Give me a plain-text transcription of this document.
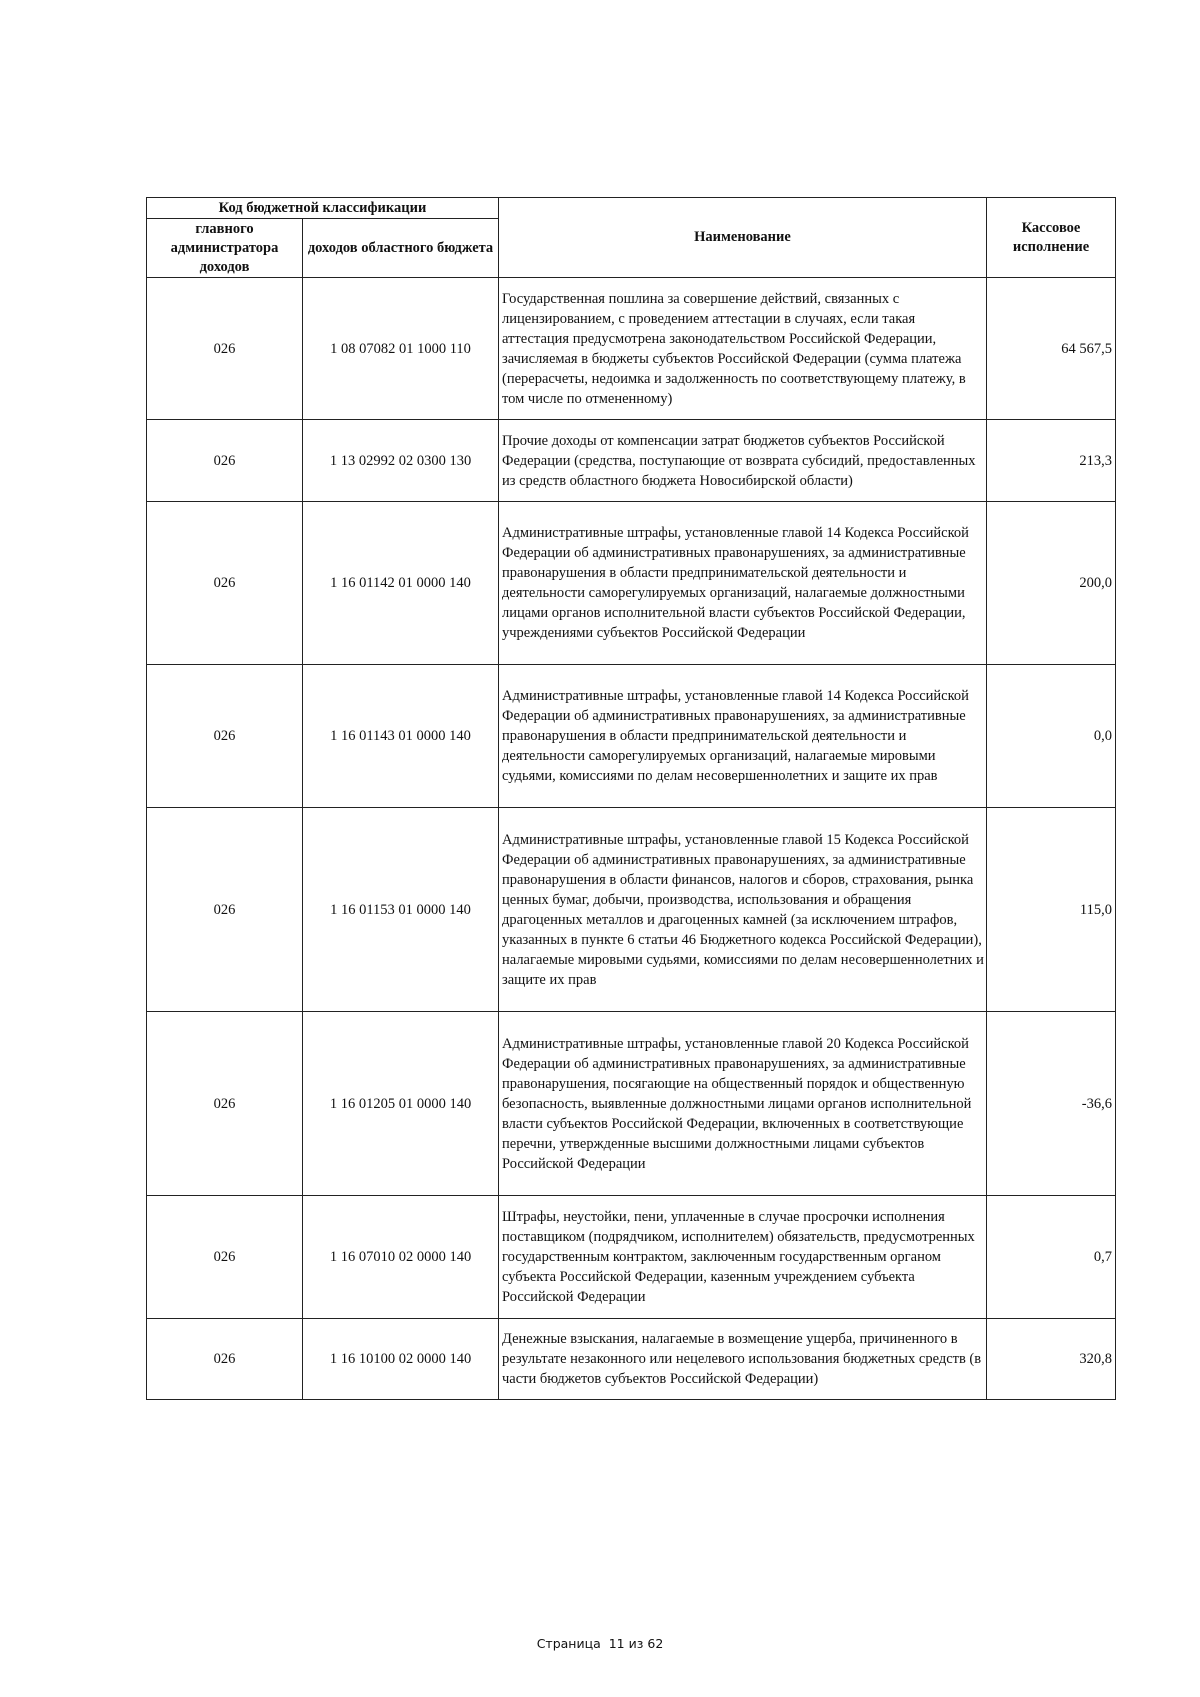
Код бюджетной классификации		Наименование	Кассовое исполнение
главного администратора доходов	доходов областного бюджета		
026	1 08 07082 01 1000 110	Государственная пошлина за совершение действий, связанных с лицензированием, с проведением аттестации в случаях, если такая аттестация предусмотрена законодательством Российской Федерации, зачисляемая в бюджеты субъектов Российской Федерации (сумма платежа (перерасчеты, недоимка и задолженность по соответствующему платежу, в том числе по отмененному)	64 567,5
026	1 13 02992 02 0300 130	Прочие доходы от компенсации затрат бюджетов субъектов Российской Федерации (средства, поступающие от возврата субсидий, предоставленных из средств областного бюджета Новосибирской области)	213,3
026	1 16 01142 01 0000 140	Административные штрафы, установленные главой 14 Кодекса Российской Федерации об административных правонарушениях, за административные правонарушения в области предпринимательской деятельности и деятельности саморегулируемых организаций, налагаемые должностными лицами органов исполнительной власти субъектов Российской Федерации, учреждениями субъектов Российской Федерации	200,0
026	1 16 01143 01 0000 140	Административные штрафы, установленные главой 14 Кодекса Российской Федерации об административных правонарушениях, за административные правонарушения в области предпринимательской деятельности и деятельности саморегулируемых организаций, налагаемые мировыми судьями, комиссиями по делам несовершеннолетних и защите их прав	0,0
026	1 16 01153 01 0000 140	Административные штрафы, установленные главой 15 Кодекса Российской Федерации об административных правонарушениях, за административные правонарушения в области финансов, налогов и сборов, страхования, рынка ценных бумаг, добычи, производства, использования и обращения драгоценных металлов и драгоценных камней (за исключением штрафов, указанных в пункте 6 статьи 46 Бюджетного кодекса Российской Федерации), налагаемые мировыми судьями, комиссиями по делам несовершеннолетних и защите их прав	115,0
026	1 16 01205 01 0000 140	Административные штрафы, установленные главой 20 Кодекса Российской Федерации об административных правонарушениях, за административные правонарушения, посягающие на общественный порядок и общественную безопасность, выявленные должностными лицами органов исполнительной власти субъектов Российской Федерации, включенных в соответствующие перечни, утвержденные высшими должностными лицами субъектов Российской Федерации	-36,6
026	1 16 07010 02 0000 140	Штрафы, неустойки, пени, уплаченные в случае просрочки исполнения поставщиком (подрядчиком, исполнителем) обязательств, предусмотренных государственным контрактом, заключенным государственным органом субъекта Российской Федерации, казенным учреждением субъекта Российской Федерации	0,7
026	1 16 10100 02 0000 140	Денежные взыскания, налагаемые в возмещение ущерба, причиненного в результате незаконного или нецелевого использования бюджетных средств (в части бюджетов субъектов Российской Федерации)	320,8
Страница 11 из 62
